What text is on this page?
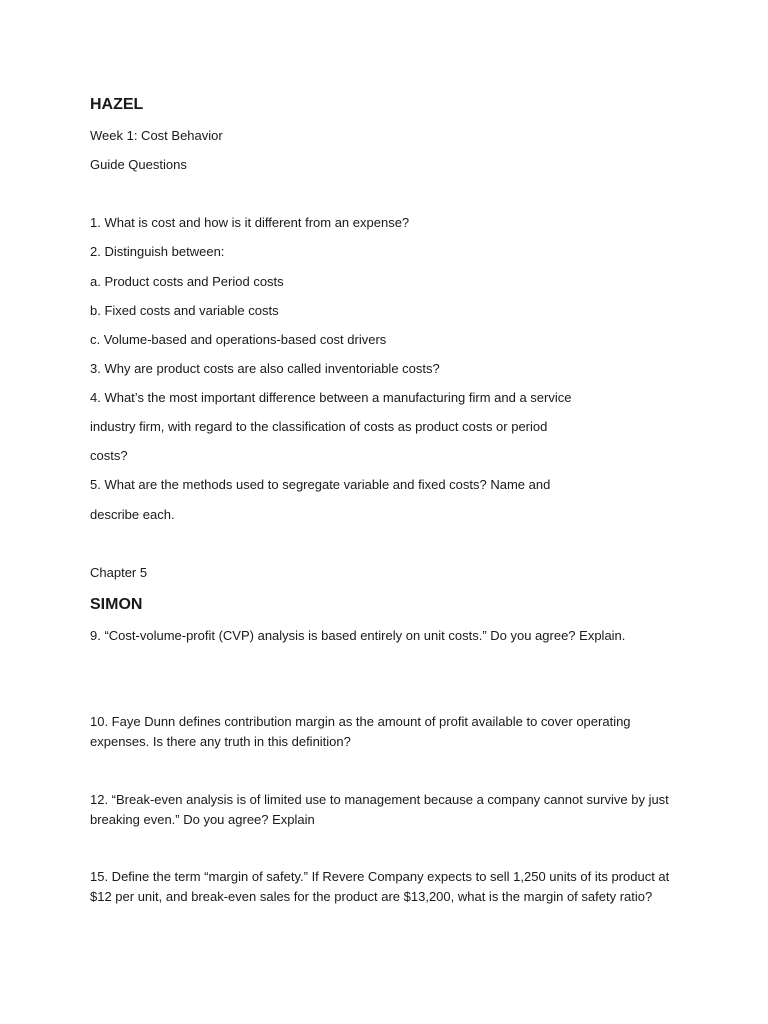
HAZEL
Week 1: Cost Behavior
Guide Questions
1. What is cost and how is it different from an expense?
2. Distinguish between:
a. Product costs and Period costs
b. Fixed costs and variable costs
c. Volume-based and operations-based cost drivers
3. Why are product costs are also called inventoriable costs?
4. What’s the most important difference between a manufacturing firm and a service
industry firm, with regard to the classification of costs as product costs or period
costs?
5. What are the methods used to segregate variable and fixed costs? Name and
describe each.
Chapter 5
SIMON
9. “Cost-volume-profit (CVP) analysis is based entirely on unit costs.” Do you agree? Explain.
10. Faye Dunn defines contribution margin as the amount of profit available to cover operating expenses. Is there any truth in this definition?
12. “Break-even analysis is of limited use to management because a company cannot survive by just breaking even.” Do you agree? Explain
15. Define the term “margin of safety.” If Revere Company expects to sell 1,250 units of its product at $12 per unit, and break-even sales for the product are $13,200, what is the margin of safety ratio?
